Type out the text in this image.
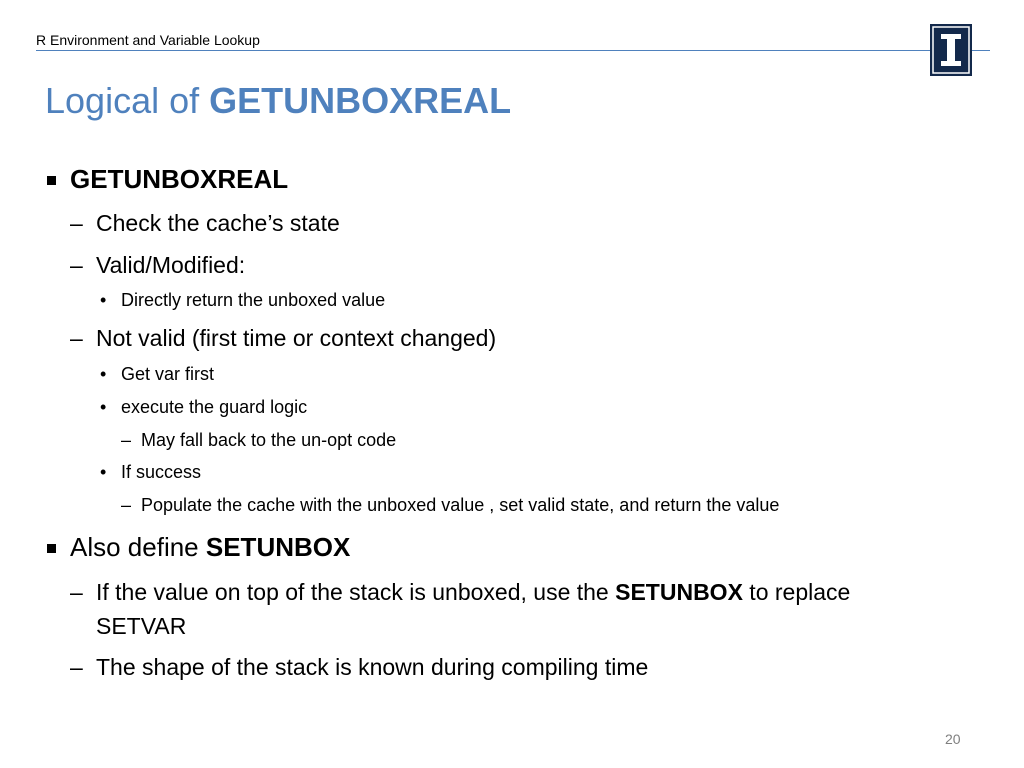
R Environment and Variable Lookup
Logical of GETUNBOXREAL
GETUNBOXREAL
– Check the cache’s state
– Valid/Modified:
• Directly return the unboxed value
– Not valid (first time or context changed)
• Get var first
• execute the guard logic
– May fall back to the un-opt code
• If success
– Populate the cache with the unboxed value , set valid state, and return the value
Also define SETUNBOX
– If the value on top of the stack is unboxed, use the SETUNBOX to replace
SETVAR
– The shape of the stack is known during compiling time
20
